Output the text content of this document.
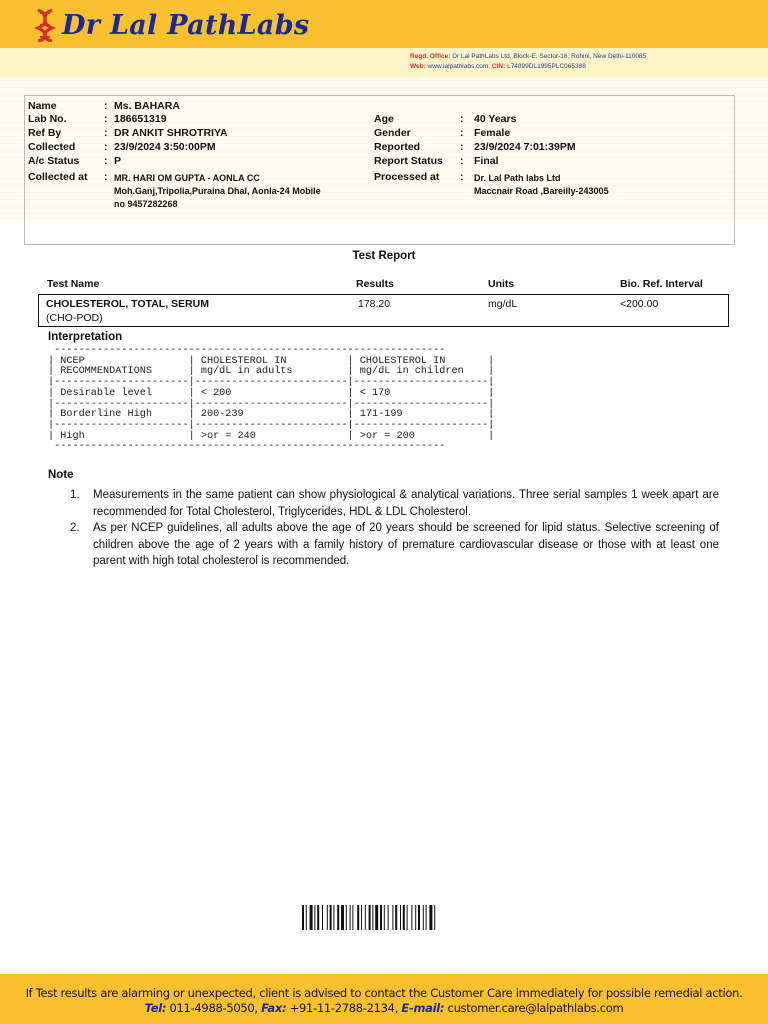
Dr Lal PathLabs
Regd. Office: Dr Lal PathLabs Ltd, Block-E, Sector-18, Rohini, New Delhi-110085
Web: www.lalpathlabs.com, CIN: L74899DL1995PLC065388
Name	: Ms. BAHARA
Lab No.	: 186651319
Ref By	: DR ANKIT SHROTRIYA
Collected	: 23/9/2024 3:50:00PM
A/c Status	: P
Collected at	: MR. HARI OM GUPTA - AONLA CC
Moh.Ganj,Tripolia,Puraina Dhal, Aonla-24 Mobile
no 9457282268
Age	: 40 Years
Gender	: Female
Reported	: 23/9/2024 7:01:39PM
Report Status	: Final
Processed at	: Dr. Lal Path labs Ltd
Maccnair Road ,Bareilly-243005
Test Report
Test Name	Results	Units	Bio. Ref. Interval
CHOLESTEROL, TOTAL, SERUM
(CHO-POD)
178.20	mg/dL	<200.00
Interpretation
----------------------------------------------------------------
| NCEP                 | CHOLESTEROL IN          | CHOLESTEROL IN       |
| RECOMMENDATIONS      | mg/dL in adults         | mg/dL in children    |
|----------------------|-------------------------|----------------------|
| Desirable level      | < 200                   | < 170                |
|----------------------|-------------------------|----------------------|
| Borderline High      | 200-239                 | 171-199              |
|----------------------|-------------------------|----------------------|
| High                 | >or = 240               | >or = 200            |
----------------------------------------------------------------
Note
1. Measurements in the same patient can show physiological & analytical variations. Three serial samples 1 week apart are recommended for Total Cholesterol, Triglycerides, HDL & LDL Cholesterol.
2. As per NCEP guidelines, all adults above the age of 20 years should be screened for lipid status. Selective screening of children above the age of 2 years with a family history of premature cardiovascular disease or those with at least one parent with high total cholesterol is recommended.
If Test results are alarming or unexpected, client is advised to contact the Customer Care immediately for possible remedial action.
Tel: 011-4988-5050, Fax: +91-11-2788-2134, E-mail: customer.care@lalpathlabs.com
